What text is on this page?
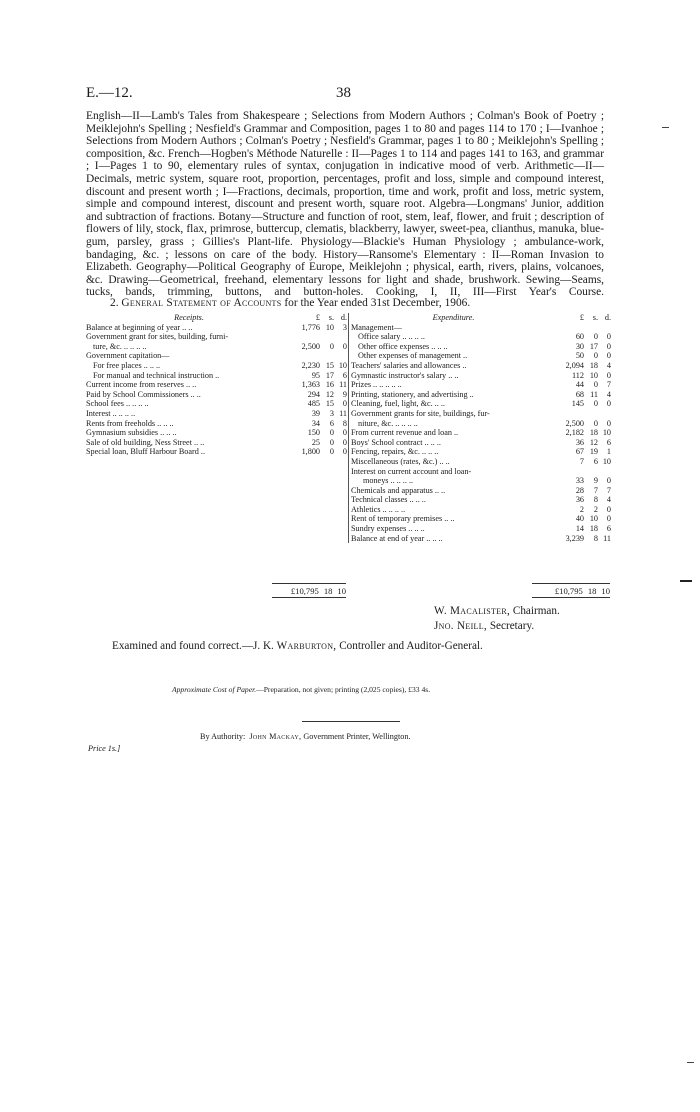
E.—12.	38
English—II—Lamb's Tales from Shakespeare ; Selections from Modern Authors ; Colman's Book of Poetry ; Meiklejohn's Spelling ; Nesfield's Grammar and Composition, pages 1 to 80 and pages 114 to 170 ; I—Ivanhoe ; Selections from Modern Authors ; Colman's Poetry ; Nesfield's Grammar, pages 1 to 80 ; Meiklejohn's Spelling ; composition, &c. French—Hogben's Méthode Naturelle : II—Pages 1 to 114 and pages 141 to 163, and grammar ; I—Pages 1 to 90, elementary rules of syntax, conjugation in indicative mood of verb. Arithmetic—II—Decimals, metric system, square root, proportion, percentages, profit and loss, simple and compound interest, discount and present worth ; I—Fractions, decimals, proportion, time and work, profit and loss, metric system, simple and compound interest, discount and present worth, square root. Algebra—Longmans' Junior, addition and subtraction of fractions. Botany—Structure and function of root, stem, leaf, flower, and fruit ; description of flowers of lily, stock, flax, primrose, buttercup, clematis, blackberry, lawyer, sweet-pea, clianthus, manuka, blue-gum, parsley, grass ; Gillies's Plant-life. Physiology—Blackie's Human Physiology ; ambulance-work, bandaging, &c. ; lessons on care of the body. History—Ransome's Elementary : II—Roman Invasion to Elizabeth. Geography—Political Geography of Europe, Meiklejohn ; physical, earth, rivers, plains, volcanoes, &c. Drawing—Geometrical, freehand, elementary lessons for light and shade, brushwork. Sewing—Seams, tucks, bands, trimming, buttons, and button-holes. Cooking, I, II, III—First Year's Course.
2. General Statement of Accounts for the Year ended 31st December, 1906.
Receipts.	£	s.	d.
Balance at beginning of year .. ..	1,776	10	3
Government grant for sites, building, furni-			
ture, &c. .. .. .. ..	2,500	0	0
Government capitation—			
For free places .. .. ..	2,230	15	10
For manual and technical instruction ..	95	17	6
Current income from reserves .. ..	1,363	16	11
Paid by School Commissioners .. ..	294	12	9
School fees .. .. .. ..	485	15	0
Interest .. .. .. ..	39	3	11
Rents from freeholds .. .. ..	34	6	8
Gymnasium subsidies .. .. ..	150	0	0
Sale of old building, Ness Street .. ..	25	0	0
Special loan, Bluff Harbour Board ..	1,800	0	0
Expenditure.	£	s.	d.
Management—			
Office salary .. .. .. ..	60	0	0
Other office expenses .. .. ..	30	17	0
Other expenses of management ..	50	0	0
Teachers' salaries and allowances ..	2,094	18	4
Gymnastic instructor's salary .. ..	112	10	0
Prizes .. .. .. .. ..	44	0	7
Printing, stationery, and advertising ..	68	11	4
Cleaning, fuel, light, &c. .. ..	145	0	0
Government grants for site, buildings, fur-			
niture, &c. .. .. .. ..	2,500	0	0
From current revenue and loan ..	2,182	18	10
Boys' School contract .. .. ..	36	12	6
Fencing, repairs, &c. .. .. ..	67	19	1
Miscellaneous (rates, &c.) .. ..	7	6	10
Interest on current account and loan-			
moneys .. .. .. ..	33	9	0
Chemicals and apparatus .. ..	28	7	7
Technical classes .. .. ..	36	8	4
Athletics .. .. .. ..	2	2	0
Rent of temporary premises .. ..	40	10	0
Sundry expenses .. .. ..	14	18	6
Balance at end of year .. .. ..	3,239	8	11
£10,795 18 10	£10,795 18 10
W. Macalister, Chairman.
Jno. Neill, Secretary.
Examined and found correct.—J. K. Warburton, Controller and Auditor-General.
Approximate Cost of Paper.—Preparation, not given; printing (2,025 copies), £33 4s.
By Authority: John Mackay, Government Printer, Wellington.
Price 1s.]
